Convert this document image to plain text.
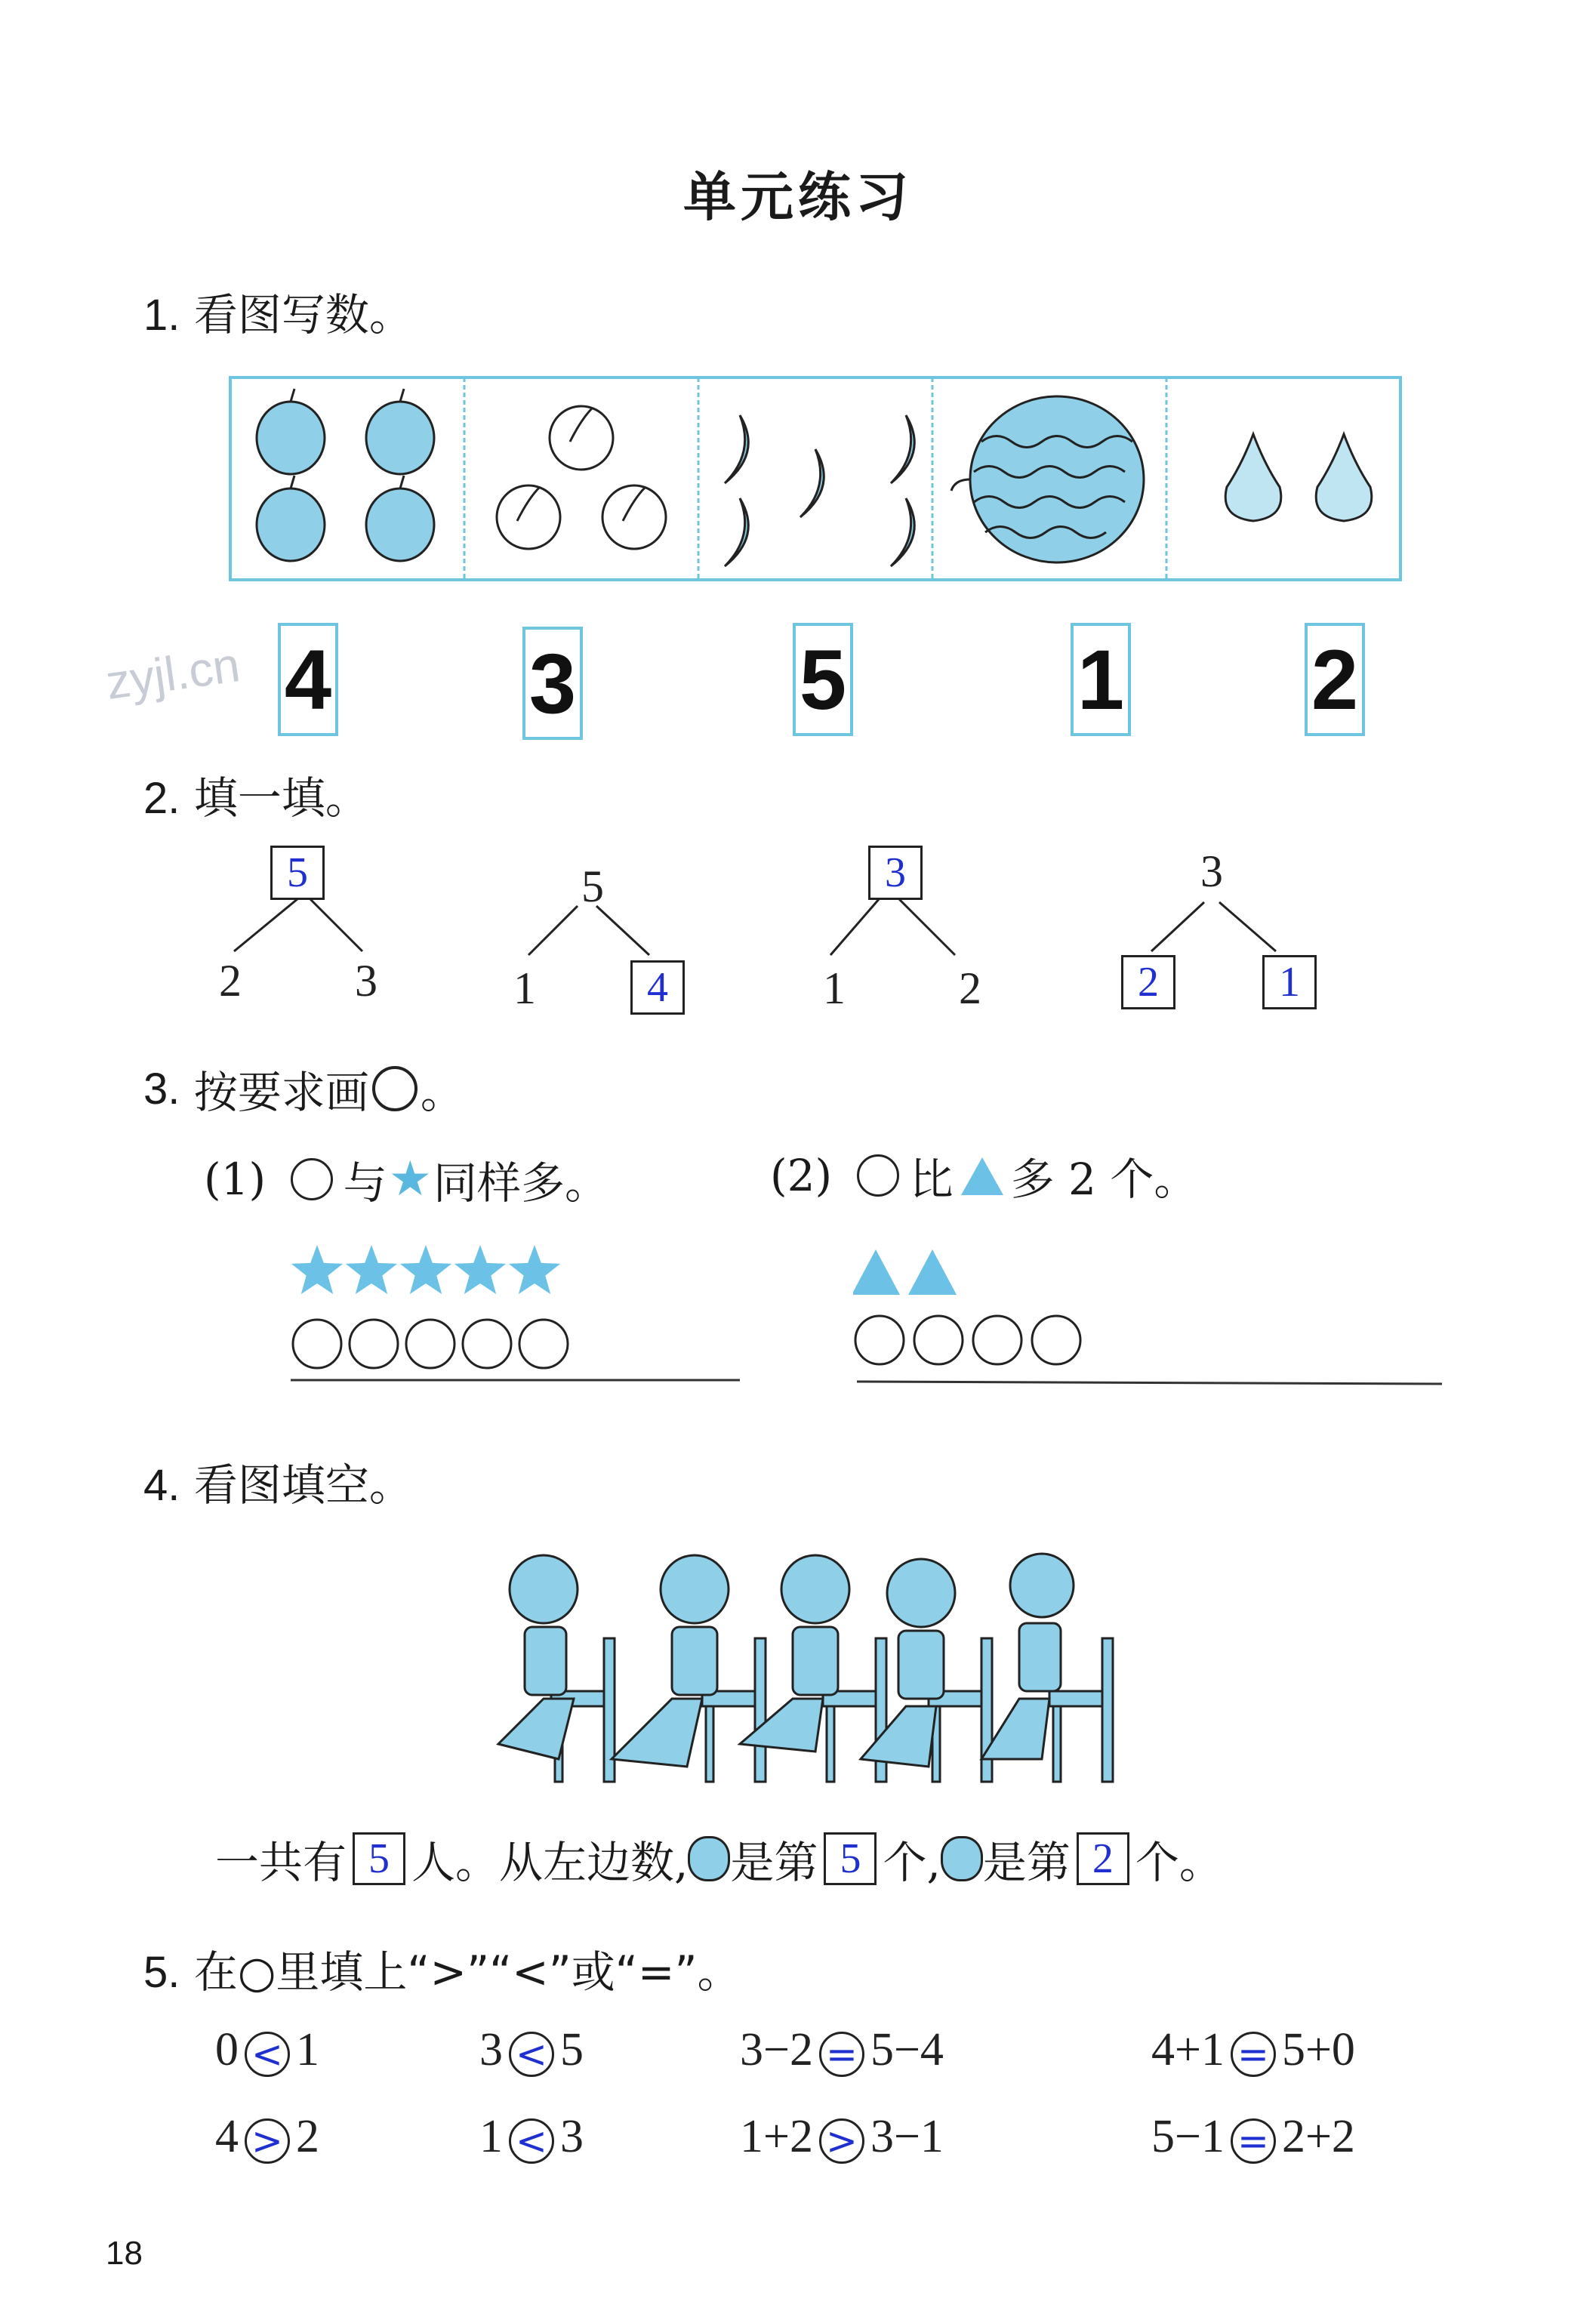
单元练习
zyjl.cn
1. 看图写数。
4 3	5	1 2
2. 填一填。
5
2	3
5
1	4
3
1	2
3
2	1
3.
按要求画 。
(1)
与 ★ 同样多。	(2)
比 多 2 个。
4. 看图填空。
一共有 5 人。从左边数, 是第 5 个, 是第 2 个。
5. 在○里填上“>”“<”或“=”。
0 < 1	3 < 5	3−2 = 5−4	4+1 = 5+0
4 > 2	1 < 3	1+2 > 3−1	5−1 = 2+2
18
